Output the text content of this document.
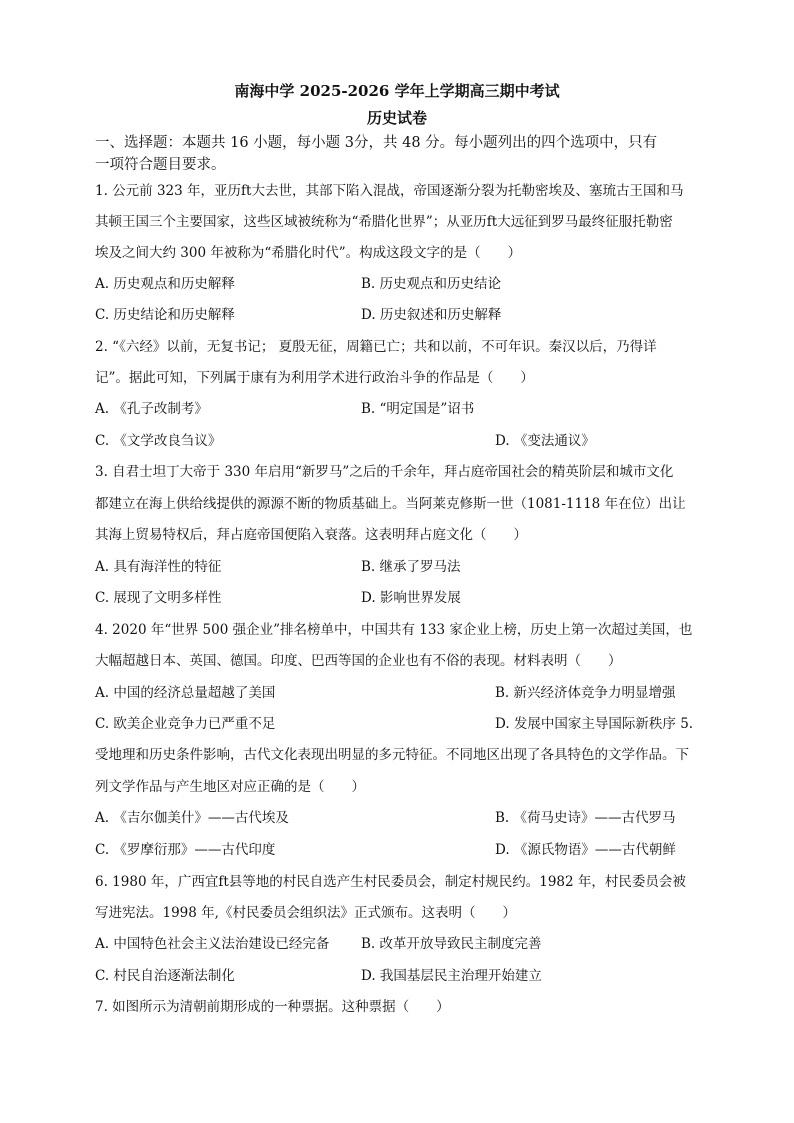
南海中学 2025-2026 学年上学期高三期中考试
历史试卷
一、选择题：本题共 16 小题，每小题 3分，共 48 分。每小题列出的四个选项中，只有
一项符合题目要求。
1. 公元前 323 年，亚历ft大去世，其部下陷入混战，帝国逐渐分裂为托勒密埃及、塞琉古王国和马
其顿王国三个主要国家，这些区域被统称为“希腊化世界”；从亚历ft大远征到罗马最终征服托勒密
埃及之间大约 300 年被称为“希腊化时代”。构成这段文字的是（　　）
A. 历史观点和历史解释	B. 历史观点和历史结论
C. 历史结论和历史解释	D. 历史叙述和历史解释
2. “《六经》以前，无复书记； 夏殷无征，周籍已亡；共和以前，不可年识。秦汉以后，乃得详
记”。据此可知，下列属于康有为利用学术进行政治斗争的作品是（　　）
A. 《孔子改制考》	B. “明定国是”诏书
C. 《文学改良刍议》	D. 《变法通议》
3. 自君士坦丁大帝于 330 年启用“新罗马”之后的千余年，拜占庭帝国社会的精英阶层和城市文化
都建立在海上供给线提供的源源不断的物质基础上。当阿莱克修斯一世（1081-1118 年在位）出让
其海上贸易特权后，拜占庭帝国便陷入衰落。这表明拜占庭文化（　　）
A. 具有海洋性的特征	B. 继承了罗马法
C. 展现了文明多样性	D. 影响世界发展
4. 2020 年“世界 500 强企业”排名榜单中，中国共有 133 家企业上榜，历史上第一次超过美国，也
大幅超越日本、英国、德国。印度、巴西等国的企业也有不俗的表现。材料表明（　　）
A. 中国的经济总量超越了美国	B. 新兴经济体竞争力明显增强
C. 欧美企业竞争力已严重不足	D. 发展中国家主导国际新秩序 5.
受地理和历史条件影响，古代文化表现出明显的多元特征。不同地区出现了各具特色的文学作品。下
列文学作品与产生地区对应正确的是（　　）
A. 《吉尔伽美什》——古代埃及	B. 《荷马史诗》——古代罗马
C. 《罗摩衍那》——古代印度	D. 《源氏物语》——古代朝鲜
6. 1980 年，广西宜ft县等地的村民自选产生村民委员会，制定村规民约。1982 年，村民委员会被
写进宪法。1998 年,《村民委员会组织法》正式颁布。这表明（　　）
A. 中国特色社会主义法治建设已经完备 B. 改革开放导致民主制度完善
C. 村民自治逐渐法制化	D. 我国基层民主治理开始建立
7. 如图所示为清朝前期形成的一种票据。这种票据（　　）
